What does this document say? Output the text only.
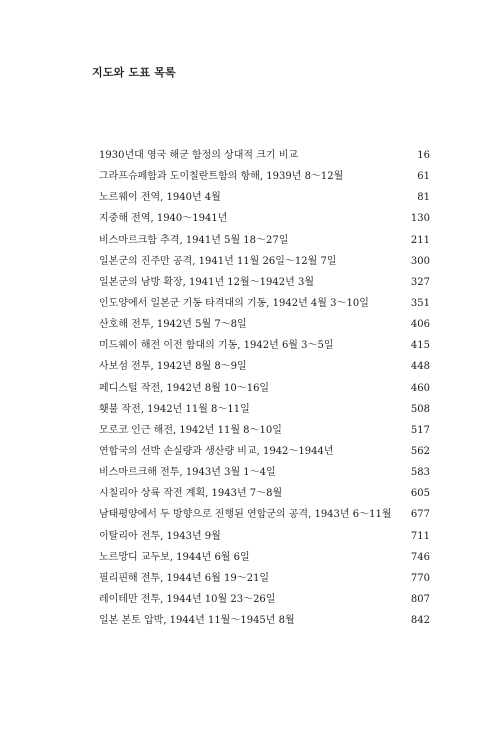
지도와 도표 목록
1930년대 영국 해군 함정의 상대적 크기 비교	16
그라프슈페함과 도이칠란트함의 항해, 1939년 8～12월	61
노르웨이 전역, 1940년 4월	81
지중해 전역, 1940～1941년	130
비스마르크함 추격, 1941년 5월 18～27일	211
일본군의 진주만 공격, 1941년 11월 26일～12월 7일	300
일본군의 남방 확장, 1941년 12월～1942년 3월	327
인도양에서 일본군 기동 타격대의 기동, 1942년 4월 3～10일	351
산호해 전투, 1942년 5월 7～8일	406
미드웨이 해전 이전 함대의 기동, 1942년 6월 3～5일	415
사보섬 전투, 1942년 8월 8～9일	448
페디스털 작전, 1942년 8월 10～16일	460
횃불 작전, 1942년 11월 8～11일	508
모로코 인근 해전, 1942년 11월 8～10일	517
연합국의 선박 손실량과 생산량 비교, 1942～1944년	562
비스마르크해 전투, 1943년 3월 1～4일	583
시칠리아 상륙 작전 계획, 1943년 7～8월	605
남태평양에서 두 방향으로 진행된 연합군의 공격, 1943년 6～11월	677
이탈리아 전투, 1943년 9월	711
노르망디 교두보, 1944년 6월 6일	746
필리핀해 전투, 1944년 6월 19～21일	770
레이테만 전투, 1944년 10월 23～26일	807
일본 본토 압박, 1944년 11월～1945년 8월	842
